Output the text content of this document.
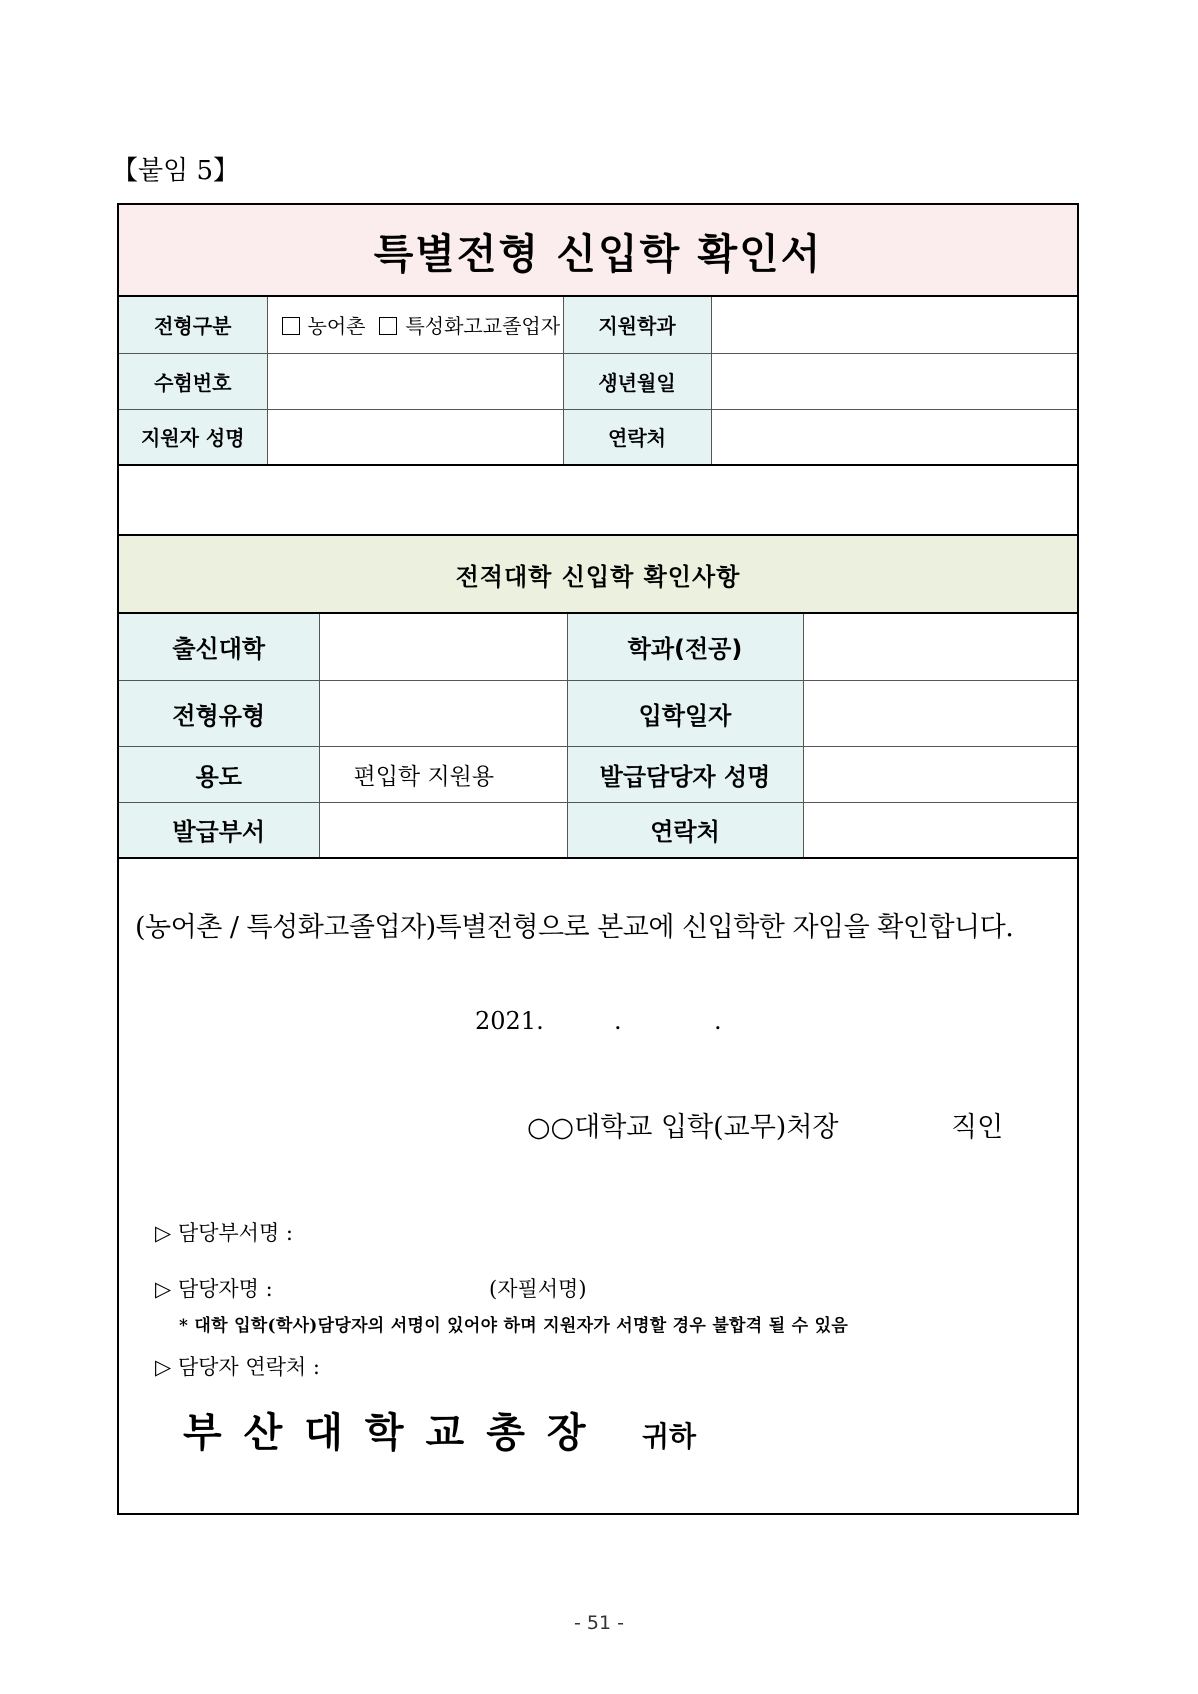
【붙임 5】
특별전형 신입학 확인서
전형구분	농어촌 특성화고교졸업자	지원학과	
수험번호		생년월일	
지원자 성명		연락처	
전적대학 신입학 확인사항
출신대학		학과(전공)	
전형유형		입학일자	
용도	편입학 지원용	발급담당자 성명	
발급부서		연락처	
(농어촌 / 특성화고졸업자)특별전형으로 본교에 신입학한 자임을 확인합니다.
2021.	.	.
○○대학교 입학(교무)처장	직인
▷ 담당부서명 :
▷ 담당자명 :	(자필서명)
* 대학 입학(학사)담당자의 서명이 있어야 하며 지원자가 서명할 경우 불합격 될 수 있음
▷ 담당자 연락처 :
부산대학교총장 귀하
- 51 -
